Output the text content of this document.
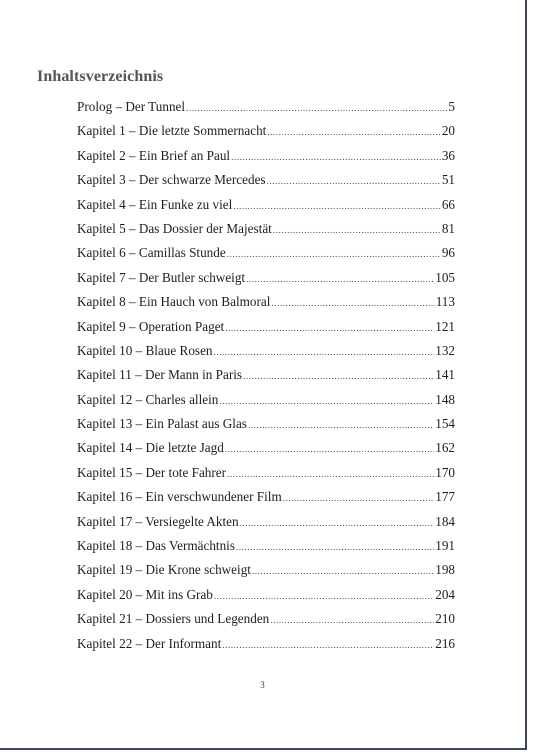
Inhaltsverzeichnis
Prolog – Der Tunnel .....	5
Kapitel 1 – Die letzte Sommernacht .....	20
Kapitel 2 – Ein Brief an Paul .....	36
Kapitel 3 – Der schwarze Mercedes .....	51
Kapitel 4 – Ein Funke zu viel .....	66
Kapitel 5 – Das Dossier der Majestät .....	81
Kapitel 6 – Camillas Stunde .....	96
Kapitel 7 – Der Butler schweigt .....	105
Kapitel 8 – Ein Hauch von Balmoral .....	113
Kapitel 9 – Operation Paget .....	121
Kapitel 10 – Blaue Rosen .....	132
Kapitel 11 – Der Mann in Paris .....	141
Kapitel 12 – Charles allein .....	148
Kapitel 13 – Ein Palast aus Glas .....	154
Kapitel 14 – Die letzte Jagd .....	162
Kapitel 15 – Der tote Fahrer .....	170
Kapitel 16 – Ein verschwundener Film .....	177
Kapitel 17 – Versiegelte Akten .....	184
Kapitel 18 – Das Vermächtnis .....	191
Kapitel 19 – Die Krone schweigt .....	198
Kapitel 20 – Mit ins Grab .....	204
Kapitel 21 – Dossiers und Legenden .....	210
Kapitel 22 – Der Informant .....	216
3
